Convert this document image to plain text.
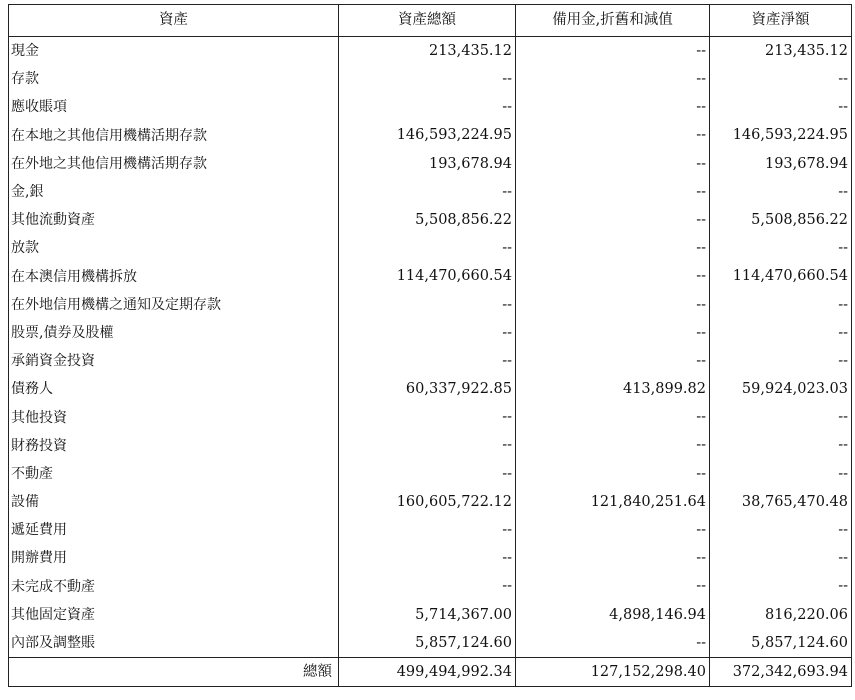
資產	資產總額	備用金,折舊和減值	資產淨額
現金	213,435.12	--	213,435.12
存款	--	--	--
應收賬項	--	--	--
在本地之其他信用機構活期存款	146,593,224.95	--	146,593,224.95
在外地之其他信用機構活期存款	193,678.94	--	193,678.94
金,銀	--	--	--
其他流動資產	5,508,856.22	--	5,508,856.22
放款	--	--	--
在本澳信用機構拆放	114,470,660.54	--	114,470,660.54
在外地信用機構之通知及定期存款	--	--	--
股票,債券及股權	--	--	--
承銷資金投資	--	--	--
債務人	60,337,922.85	413,899.82	59,924,023.03
其他投資	--	--	--
財務投資	--	--	--
不動產	--	--	--
設備	160,605,722.12	121,840,251.64	38,765,470.48
遞延費用	--	--	--
開辦費用	--	--	--
未完成不動產	--	--	--
其他固定資產	5,714,367.00	4,898,146.94	816,220.06
內部及調整賬	5,857,124.60	--	5,857,124.60
總額	499,494,992.34	127,152,298.40	372,342,693.94
